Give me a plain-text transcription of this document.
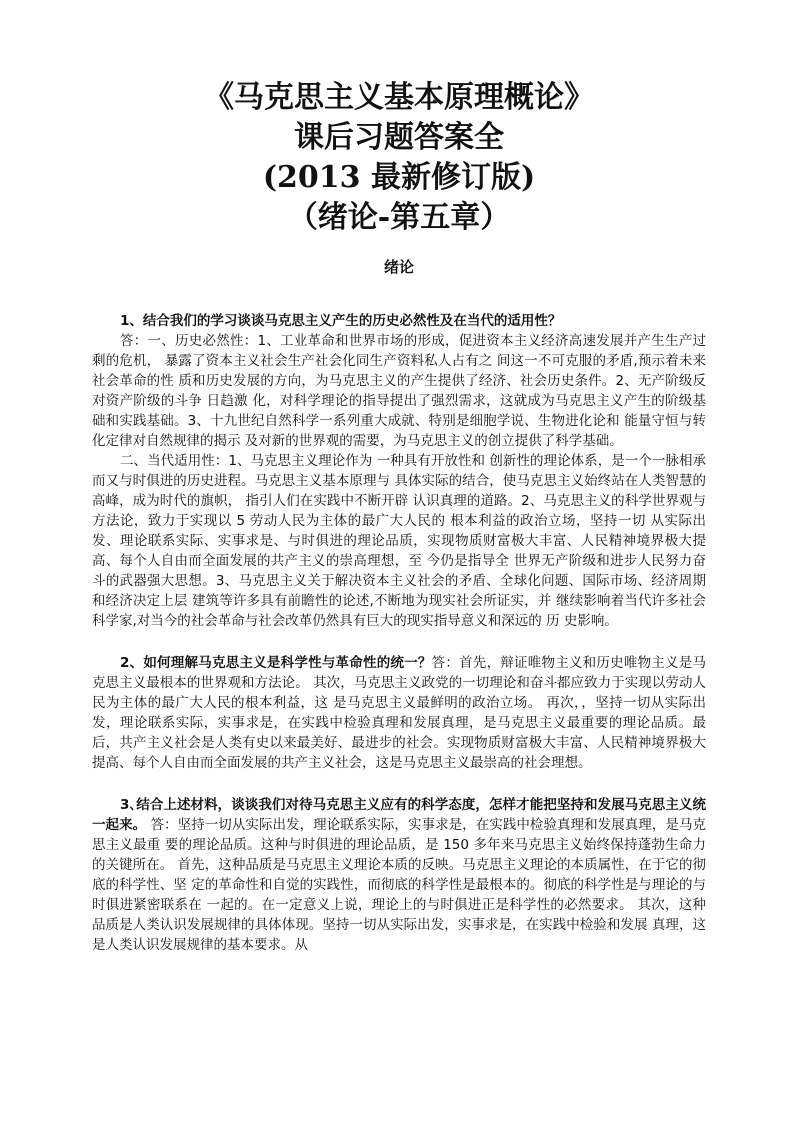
《马克思主义基本原理概论》
课后习题答案全
(2013 最新修订版)
（绪论-第五章）
绪论

1、结合我们的学习谈谈马克思主义产生的历史必然性及在当代的适用性？

答：一、历史必然性：1、工业革命和世界市场的形成，促进资本主义经济高速发展并产生生产过剩的危机， 暴露了资本主义社会生产社会化同生产资料私人占有之 间这一不可克服的矛盾,预示着未来社会革命的性 质和历史发展的方向，为马克思主义的产生提供了经济、社会历史条件。2、无产阶级反对资产阶级的斗争 日趋激 化，对科学理论的指导提出了强烈需求，这就成为马克思主义产生的阶级基础和实践基础。3、十九世纪自然科学一系列重大成就、特别是细胞学说、生物进化论和 能量守恒与转化定律对自然规律的揭示 及对新的世界观的需要，为马克思主义的创立提供了科学基础。

二、当代适用性：1、马克思主义理论作为 一种具有开放性和 创新性的理论体系，是一个一脉相承而又与时俱进的历史进程。马克思主义基本原理与 具体实际的结合，使马克思主义始终站在人类智慧的高峰，成为时代的旗帜， 指引人们在实践中不断开辟 认识真理的道路。2、马克思主义的科学世界观与方法论，致力于实现以 5 劳动人民为主体的最广大人民的 根本利益的政治立场，坚持一切 从实际出发、理论联系实际、实事求是、与时俱进的理论品质，实现物质财富极大丰富、人民精神境界极大提高、每个人自由而全面发展的共产主义的崇高理想，至 今仍是指导全 世界无产阶级和进步人民努力奋斗的武器强大思想。3、马克思主义关于解决资本主义社会的矛盾、全球化问题、国际市场、经济周期和经济决定上层 建筑等许多具有前瞻性的论述,不断地为现实社会所证实，并 继续影响着当代许多社会科学家,对当今的社会革命与社会改革仍然具有巨大的现实指导意义和深远的 历 史影响。

2、如何理解马克思主义是科学性与革命性的统一？答：首先，辩证唯物主义和历史唯物主义是马克思主义最根本的世界观和方法论。 其次，马克思主义政党的一切理论和奋斗都应致力于实现以劳动人民为主体的最广大人民的根本利益，这 是马克思主义最鲜明的政治立场。 再次，，坚持一切从实际出发，理论联系实际，实事求是，在实践中检验真理和发展真理，是马克思主义最重要的理论品质。最后，共产主义社会是人类有史以来最美好、最进步的社会。实现物质财富极大丰富、人民精神境界极大 提高、每个人自由而全面发展的共产主义社会，这是马克思主义最崇高的社会理想。

3､结合上述材料，谈谈我们对待马克思主义应有的科学态度，怎样才能把坚持和发展马克思主义统一起来。 答：坚持一切从实际出发，理论联系实际，实事求是，在实践中检验真理和发展真理，是马克思主义最重 要的理论品质。这种与时俱进的理论品质，是 150 多年来马克思主义始终保持蓬勃生命力的关键所在。 首先，这种品质是马克思主义理论本质的反映。马克思主义理论的本质属性，在于它的彻底的科学性、坚 定的革命性和自觉的实践性，而彻底的科学性是最根本的。彻底的科学性是与理论的与时俱进紧密联系在 一起的。在一定意义上说，理论上的与时俱进正是科学性的必然要求。 其次，这种品质是人类认识发展规律的具体体现。坚持一切从实际出发，实事求是，在实践中检验和发展 真理，这是人类认识发展规律的基本要求。从
